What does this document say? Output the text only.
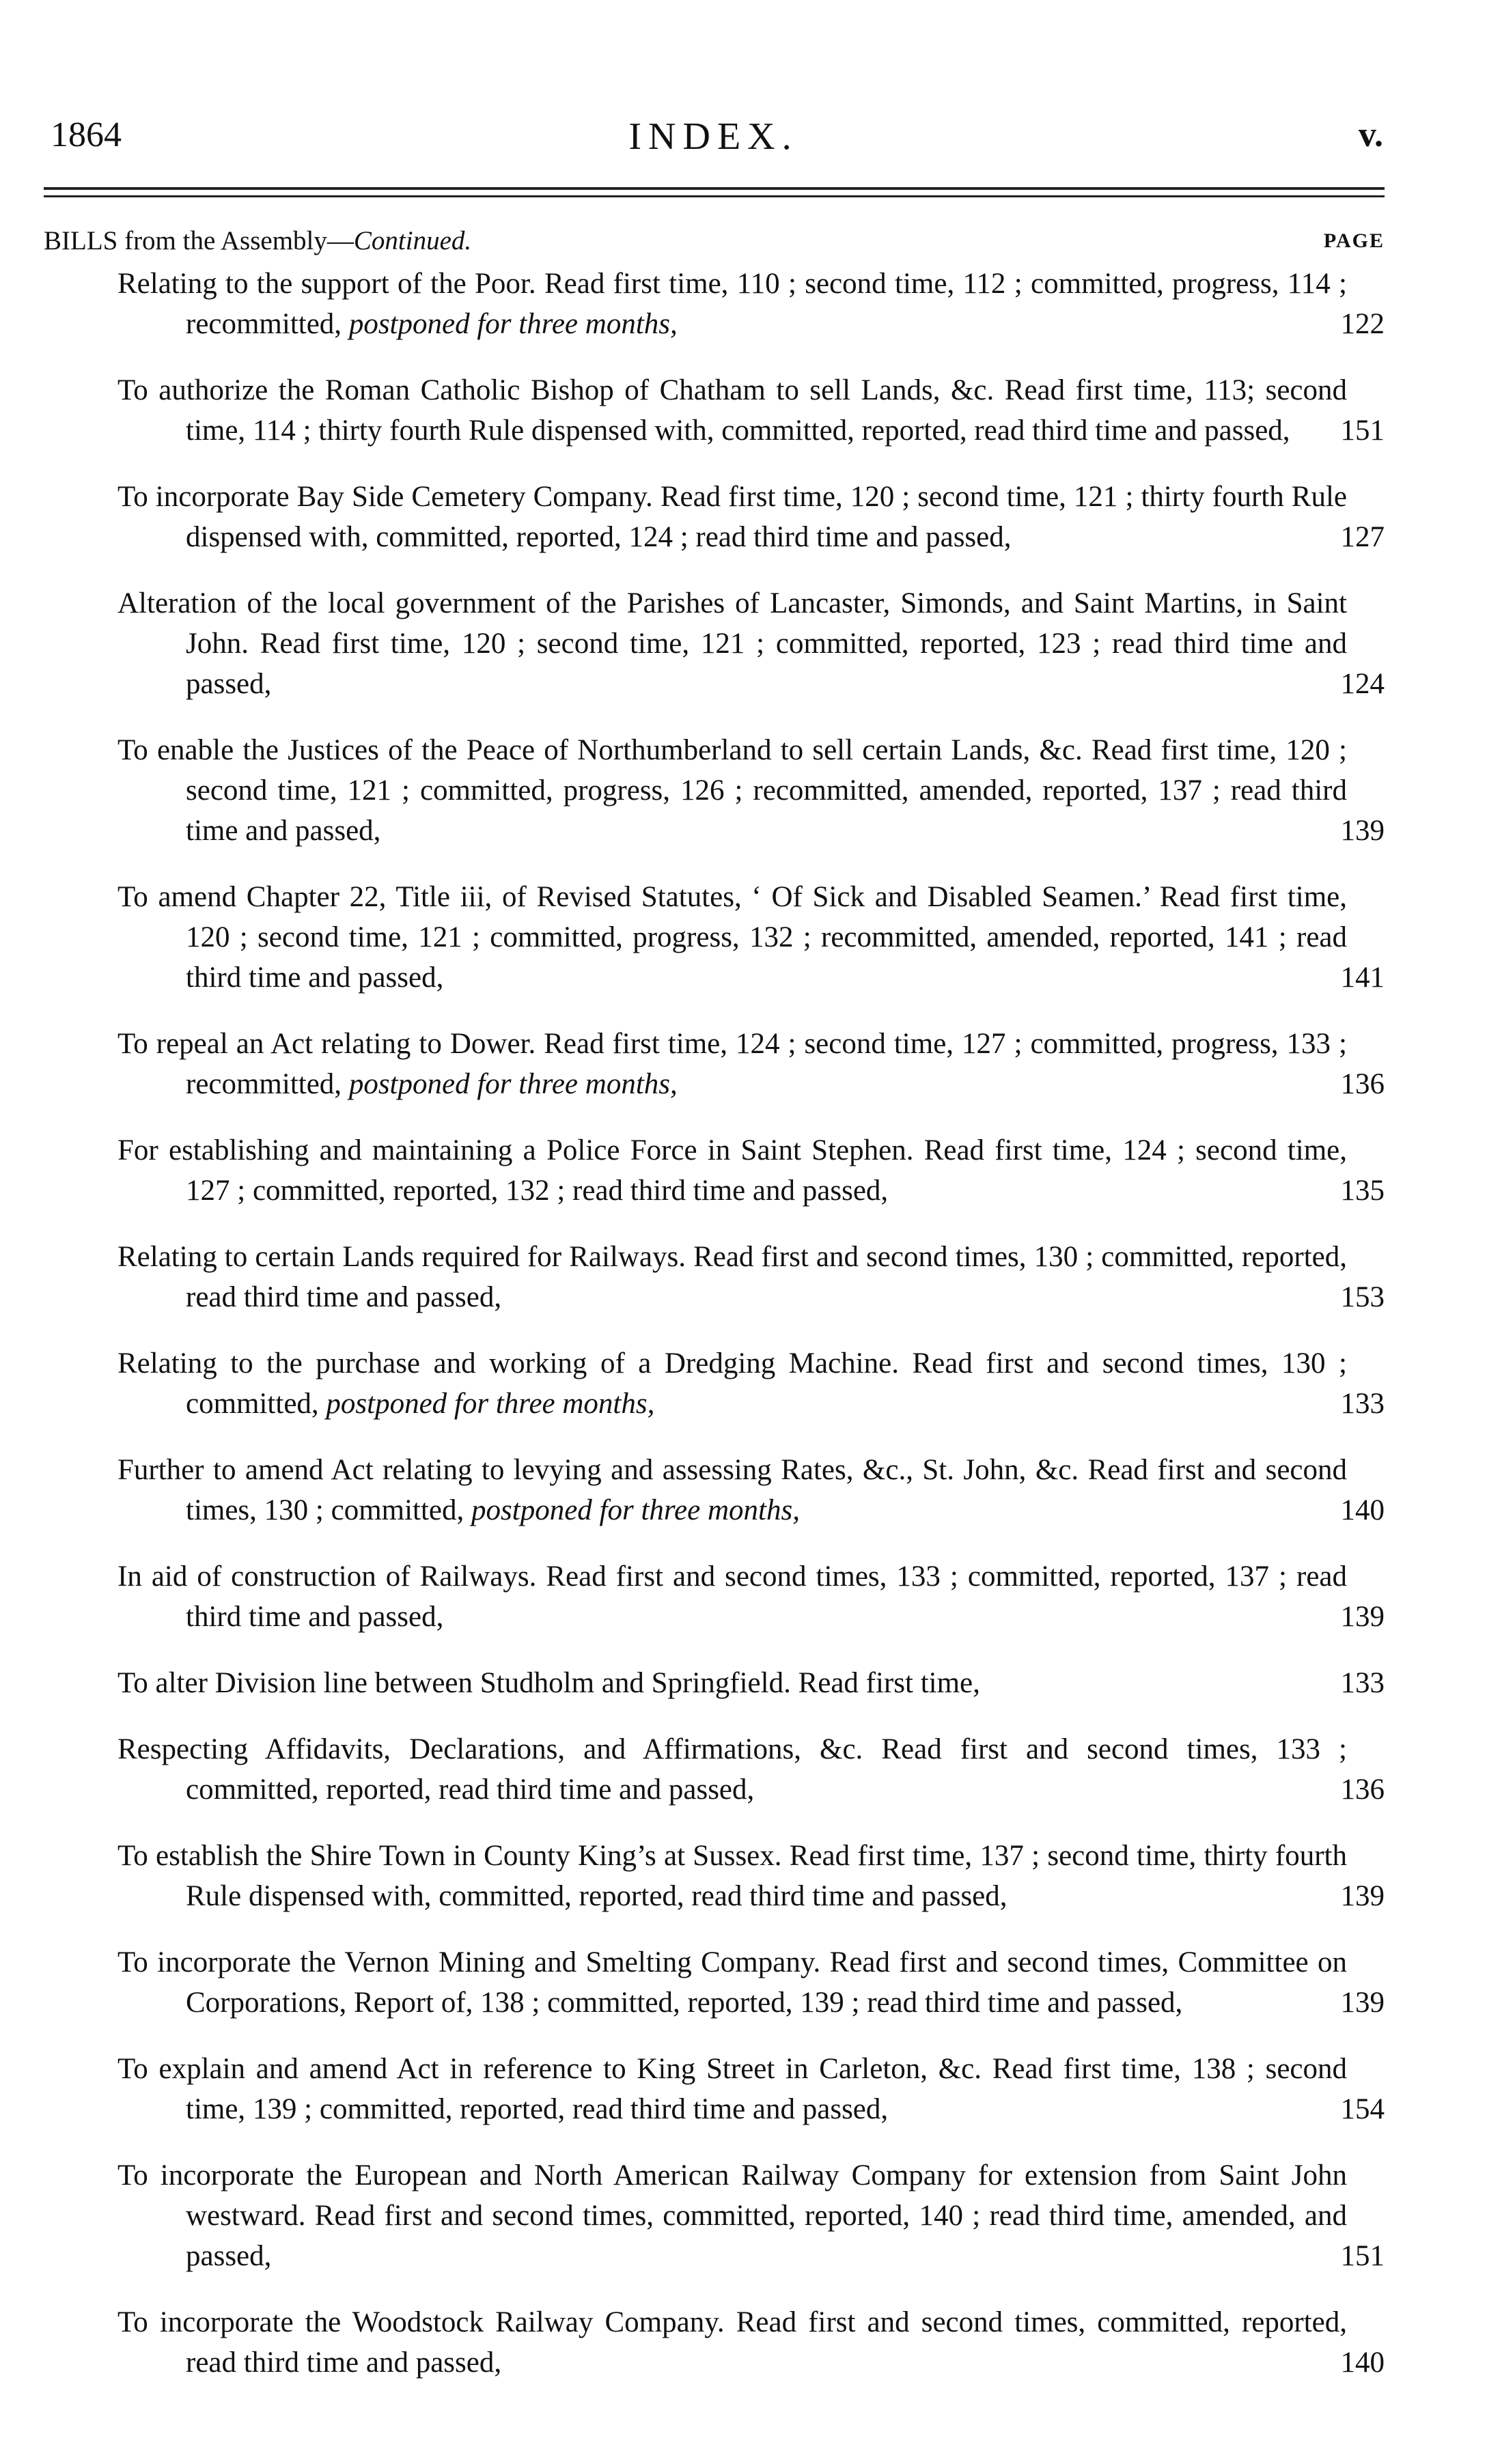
1864	INDEX.	v.
BILLS from the Assembly—Continued.	PAGE
Relating to the support of the Poor. Read first time, 110 ; second time, 112 ; committed, progress, 114 ; recommitted, postponed for three months,	122
To authorize the Roman Catholic Bishop of Chatham to sell Lands, &c. Read first time, 113; second time, 114 ; thirty fourth Rule dispensed with, committed, reported, read third time and passed,	151
To incorporate Bay Side Cemetery Company. Read first time, 120 ; second time, 121 ; thirty fourth Rule dispensed with, committed, reported, 124 ; read third time and passed,	127
Alteration of the local government of the Parishes of Lancaster, Simonds, and Saint Martins, in Saint John. Read first time, 120 ; second time, 121 ; committed, reported, 123 ; read third time and passed,	124
To enable the Justices of the Peace of Northumberland to sell certain Lands, &c. Read first time, 120 ; second time, 121 ; committed, progress, 126 ; recommitted, amended, reported, 137 ; read third time and passed,	139
To amend Chapter 22, Title iii, of Revised Statutes, ‘ Of Sick and Disabled Seamen.’ Read first time, 120 ; second time, 121 ; committed, progress, 132 ; recommitted, amended, reported, 141 ; read third time and passed,	141
To repeal an Act relating to Dower. Read first time, 124 ; second time, 127 ; committed, progress, 133 ; recommitted, postponed for three months,	136
For establishing and maintaining a Police Force in Saint Stephen. Read first time, 124 ; second time, 127 ; committed, reported, 132 ; read third time and passed,	135
Relating to certain Lands required for Railways. Read first and second times, 130 ; committed, reported, read third time and passed,	153
Relating to the purchase and working of a Dredging Machine. Read first and second times, 130 ; committed, postponed for three months,	133
Further to amend Act relating to levying and assessing Rates, &c., St. John, &c. Read first and second times, 130 ; committed, postponed for three months,	140
In aid of construction of Railways. Read first and second times, 133 ; committed, reported, 137 ; read third time and passed,	139
To alter Division line between Studholm and Springfield. Read first time,	133
Respecting Affidavits, Declarations, and Affirmations, &c. Read first and second times, 133 ; committed, reported, read third time and passed,	136
To establish the Shire Town in County King’s at Sussex. Read first time, 137 ; second time, thirty fourth Rule dispensed with, committed, reported, read third time and passed,	139
To incorporate the Vernon Mining and Smelting Company. Read first and second times, Committee on Corporations, Report of, 138 ; committed, reported, 139 ; read third time and passed,	139
To explain and amend Act in reference to King Street in Carleton, &c. Read first time, 138 ; second time, 139 ; committed, reported, read third time and passed,	154
To incorporate the European and North American Railway Company for extension from Saint John westward. Read first and second times, committed, reported, 140 ; read third time, amended, and passed,	151
To incorporate the Woodstock Railway Company. Read first and second times, committed, reported, read third time and passed,	140
